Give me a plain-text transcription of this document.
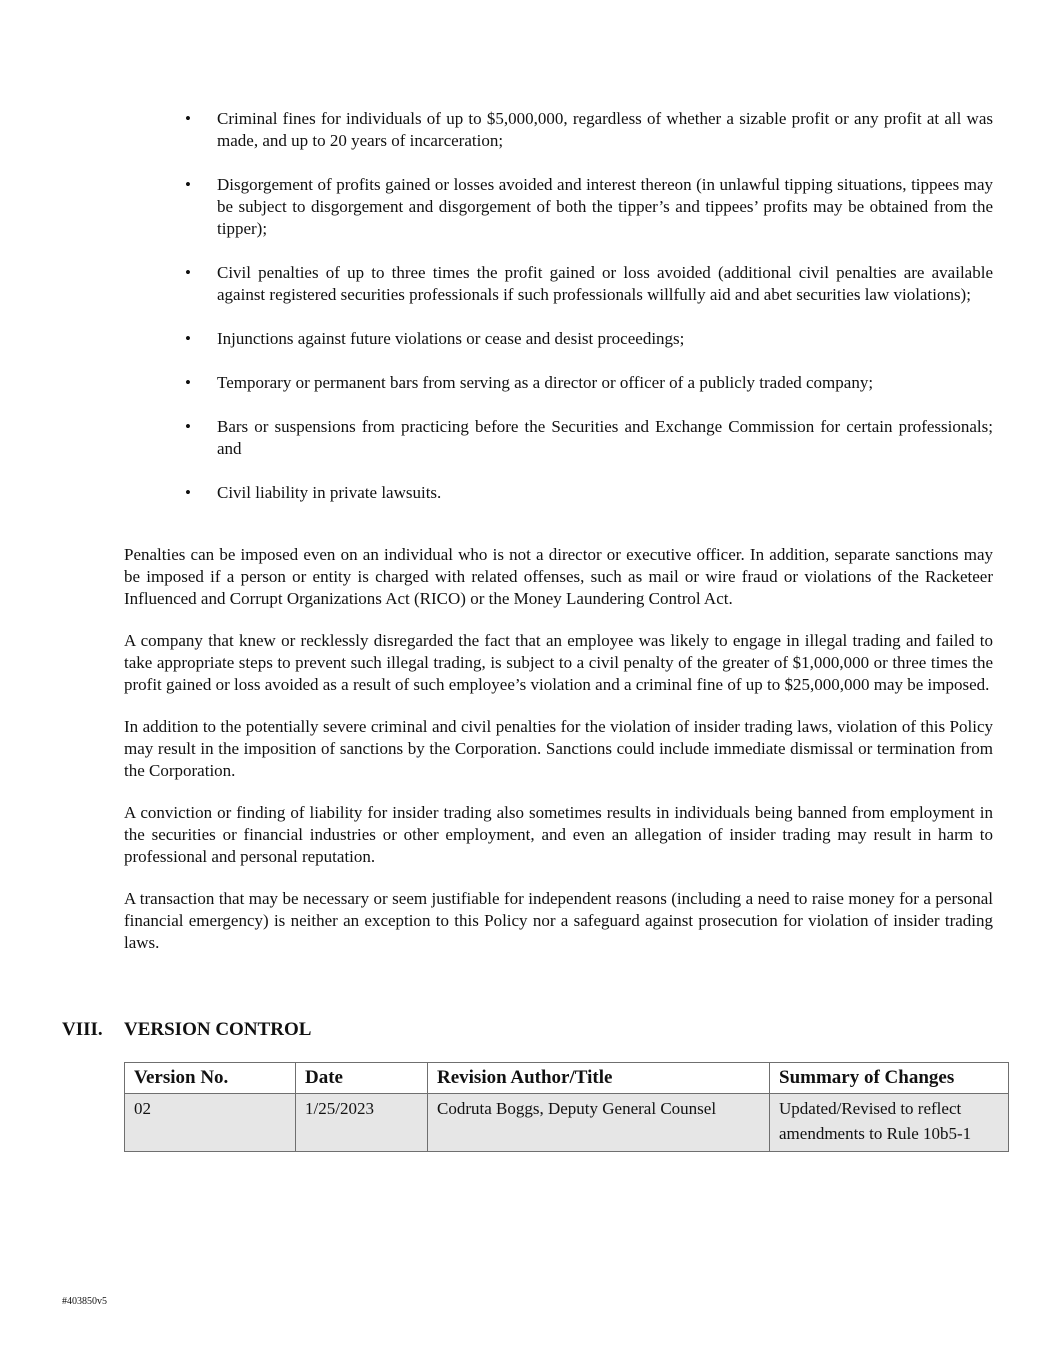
• Criminal fines for individuals of up to $5,000,000, regardless of whether a sizable profit or any profit at all was made, and up to 20 years of incarceration;
• Disgorgement of profits gained or losses avoided and interest thereon (in unlawful tipping situations, tippees may be subject to disgorgement and disgorgement of both the tipper’s and tippees’ profits may be obtained from the tipper);
• Civil penalties of up to three times the profit gained or loss avoided (additional civil penalties are available against registered securities professionals if such professionals willfully aid and abet securities law violations);
• Injunctions against future violations or cease and desist proceedings;
• Temporary or permanent bars from serving as a director or officer of a publicly traded company;
• Bars or suspensions from practicing before the Securities and Exchange Commission for certain professionals; and
• Civil liability in private lawsuits.

Penalties can be imposed even on an individual who is not a director or executive officer. In addition, separate sanctions may be imposed if a person or entity is charged with related offenses, such as mail or wire fraud or violations of the Racketeer Influenced and Corrupt Organizations Act (RICO) or the Money Laundering Control Act.

A company that knew or recklessly disregarded the fact that an employee was likely to engage in illegal trading and failed to take appropriate steps to prevent such illegal trading, is subject to a civil penalty of the greater of $1,000,000 or three times the profit gained or loss avoided as a result of such employee’s violation and a criminal fine of up to $25,000,000 may be imposed.

In addition to the potentially severe criminal and civil penalties for the violation of insider trading laws, violation of this Policy may result in the imposition of sanctions by the Corporation. Sanctions could include immediate dismissal or termination from the Corporation.

A conviction or finding of liability for insider trading also sometimes results in individuals being banned from employment in the securities or financial industries or other employment, and even an allegation of insider trading may result in harm to professional and personal reputation.

A transaction that may be necessary or seem justifiable for independent reasons (including a need to raise money for a personal financial emergency) is neither an exception to this Policy nor a safeguard against prosecution for violation of insider trading laws.

VIII. VERSION CONTROL
Version No.	Date	Revision Author/Title	Summary of Changes
02	1/25/2023	Codruta Boggs, Deputy General Counsel	Updated/Revised to reflect amendments to Rule 10b5-1
#403850v5
